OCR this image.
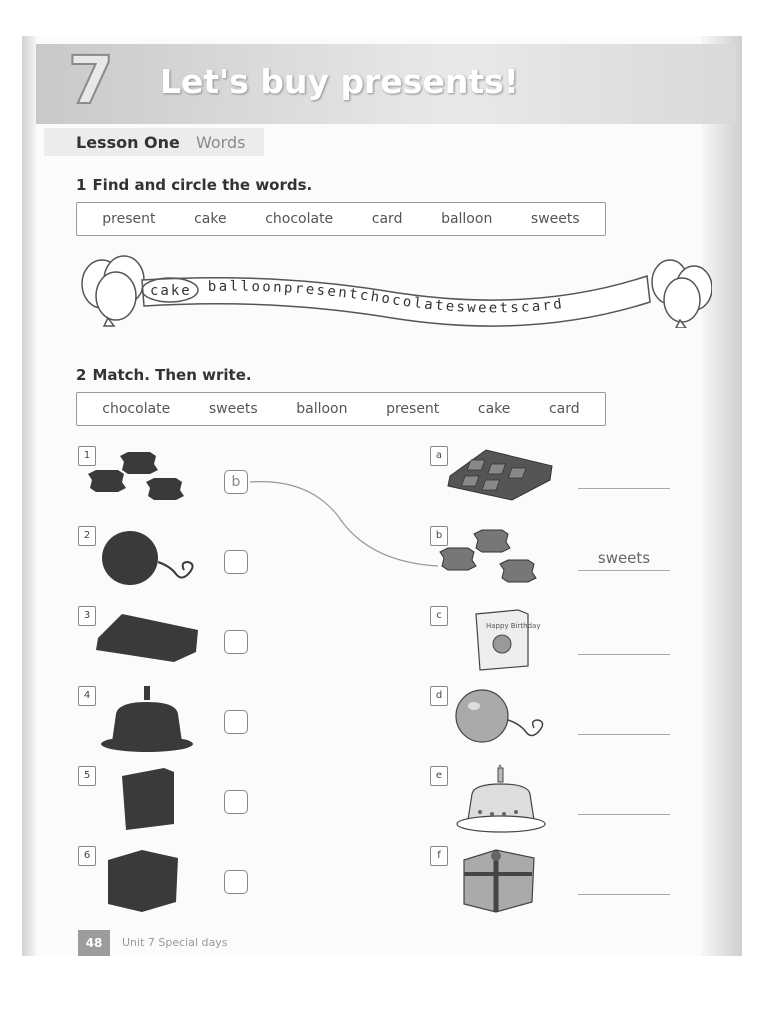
7 Let's buy presents!
Lesson One Words
1 Find and circle the words.
present	cake	chocolate	card	balloon	sweets
cake balloonpresentchocolatesweetscard
2 Match. Then write.
chocolate	sweets	balloon	present	cake	card
1
2
3
4
5
6
b
a
b
c
d
e
f
Happy Birthday
sweets
48	Unit 7 Special days
